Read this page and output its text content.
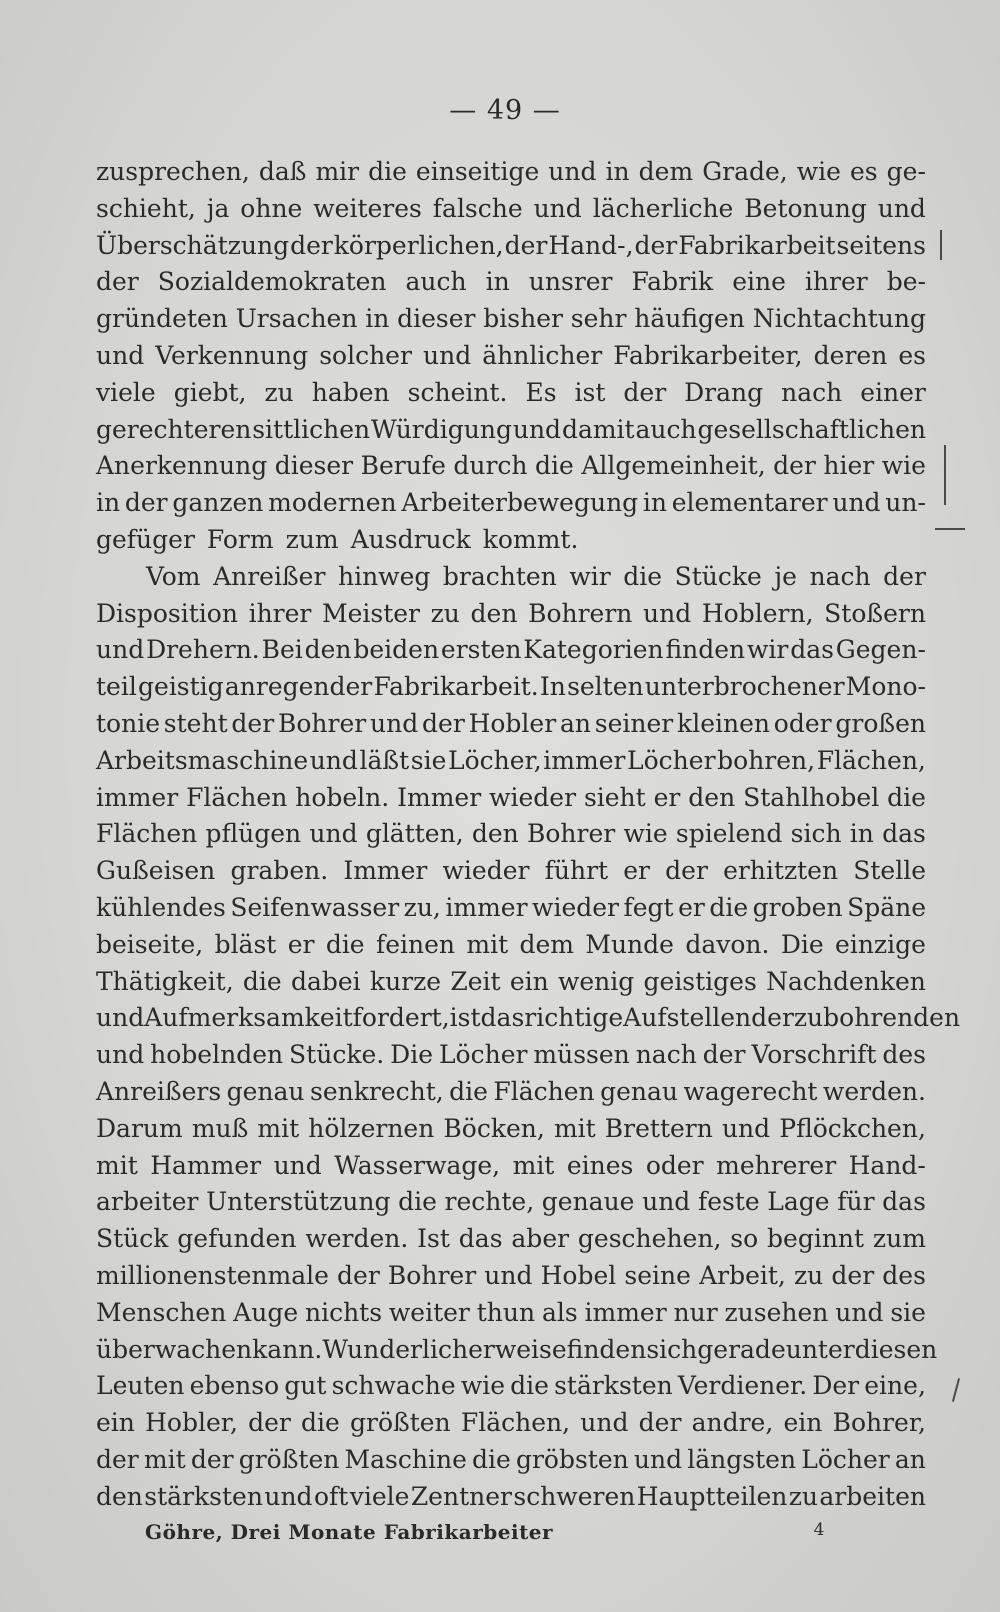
— 49 —
zusprechen, daß mir die einseitige und in dem Grade, wie es ge-
schieht, ja ohne weiteres falsche und lächerliche Betonung und
Überschätzung der körperlichen, der Hand-, der Fabrikarbeit seitens
der Sozialdemokraten auch in unsrer Fabrik eine ihrer be-
gründeten Ursachen in dieser bisher sehr häufigen Nichtachtung
und Verkennung solcher und ähnlicher Fabrikarbeiter, deren es
viele giebt, zu haben scheint. Es ist der Drang nach einer
gerechteren sittlichen Würdigung und damit auch gesellschaftlichen
Anerkennung dieser Berufe durch die Allgemeinheit, der hier wie
in der ganzen modernen Arbeiterbewegung in elementarer und un-
gefüger Form zum Ausdruck kommt.
Vom Anreißer hinweg brachten wir die Stücke je nach der
Disposition ihrer Meister zu den Bohrern und Hoblern, Stoßern
und Drehern. Bei den beiden ersten Kategorien finden wir das Gegen-
teil geistig anregender Fabrikarbeit. In selten unterbrochener Mono-
tonie steht der Bohrer und der Hobler an seiner kleinen oder großen
Arbeitsmaschine und läßt sie Löcher, immer Löcher bohren, Flächen,
immer Flächen hobeln. Immer wieder sieht er den Stahlhobel die
Flächen pflügen und glätten, den Bohrer wie spielend sich in das
Gußeisen graben. Immer wieder führt er der erhitzten Stelle
kühlendes Seifenwasser zu, immer wieder fegt er die groben Späne
beiseite, bläst er die feinen mit dem Munde davon. Die einzige
Thätigkeit, die dabei kurze Zeit ein wenig geistiges Nachdenken
und Aufmerksamkeit fordert, ist das richtige Aufstellen der zu bohrenden
und hobelnden Stücke. Die Löcher müssen nach der Vorschrift des
Anreißers genau senkrecht, die Flächen genau wagerecht werden.
Darum muß mit hölzernen Böcken, mit Brettern und Pflöckchen,
mit Hammer und Wasserwage, mit eines oder mehrerer Hand-
arbeiter Unterstützung die rechte, genaue und feste Lage für das
Stück gefunden werden. Ist das aber geschehen, so beginnt zum
millionenstenmale der Bohrer und Hobel seine Arbeit, zu der des
Menschen Auge nichts weiter thun als immer nur zusehen und sie
überwachen kann. Wunderlicherweise finden sich gerade unter diesen
Leuten ebenso gut schwache wie die stärksten Verdiener. Der eine,
ein Hobler, der die größten Flächen, und der andre, ein Bohrer,
der mit der größten Maschine die gröbsten und längsten Löcher an
den stärksten und oft viele Zentner schweren Hauptteilen zu arbeiten
Göhre, Drei Monate Fabrikarbeiter	4
